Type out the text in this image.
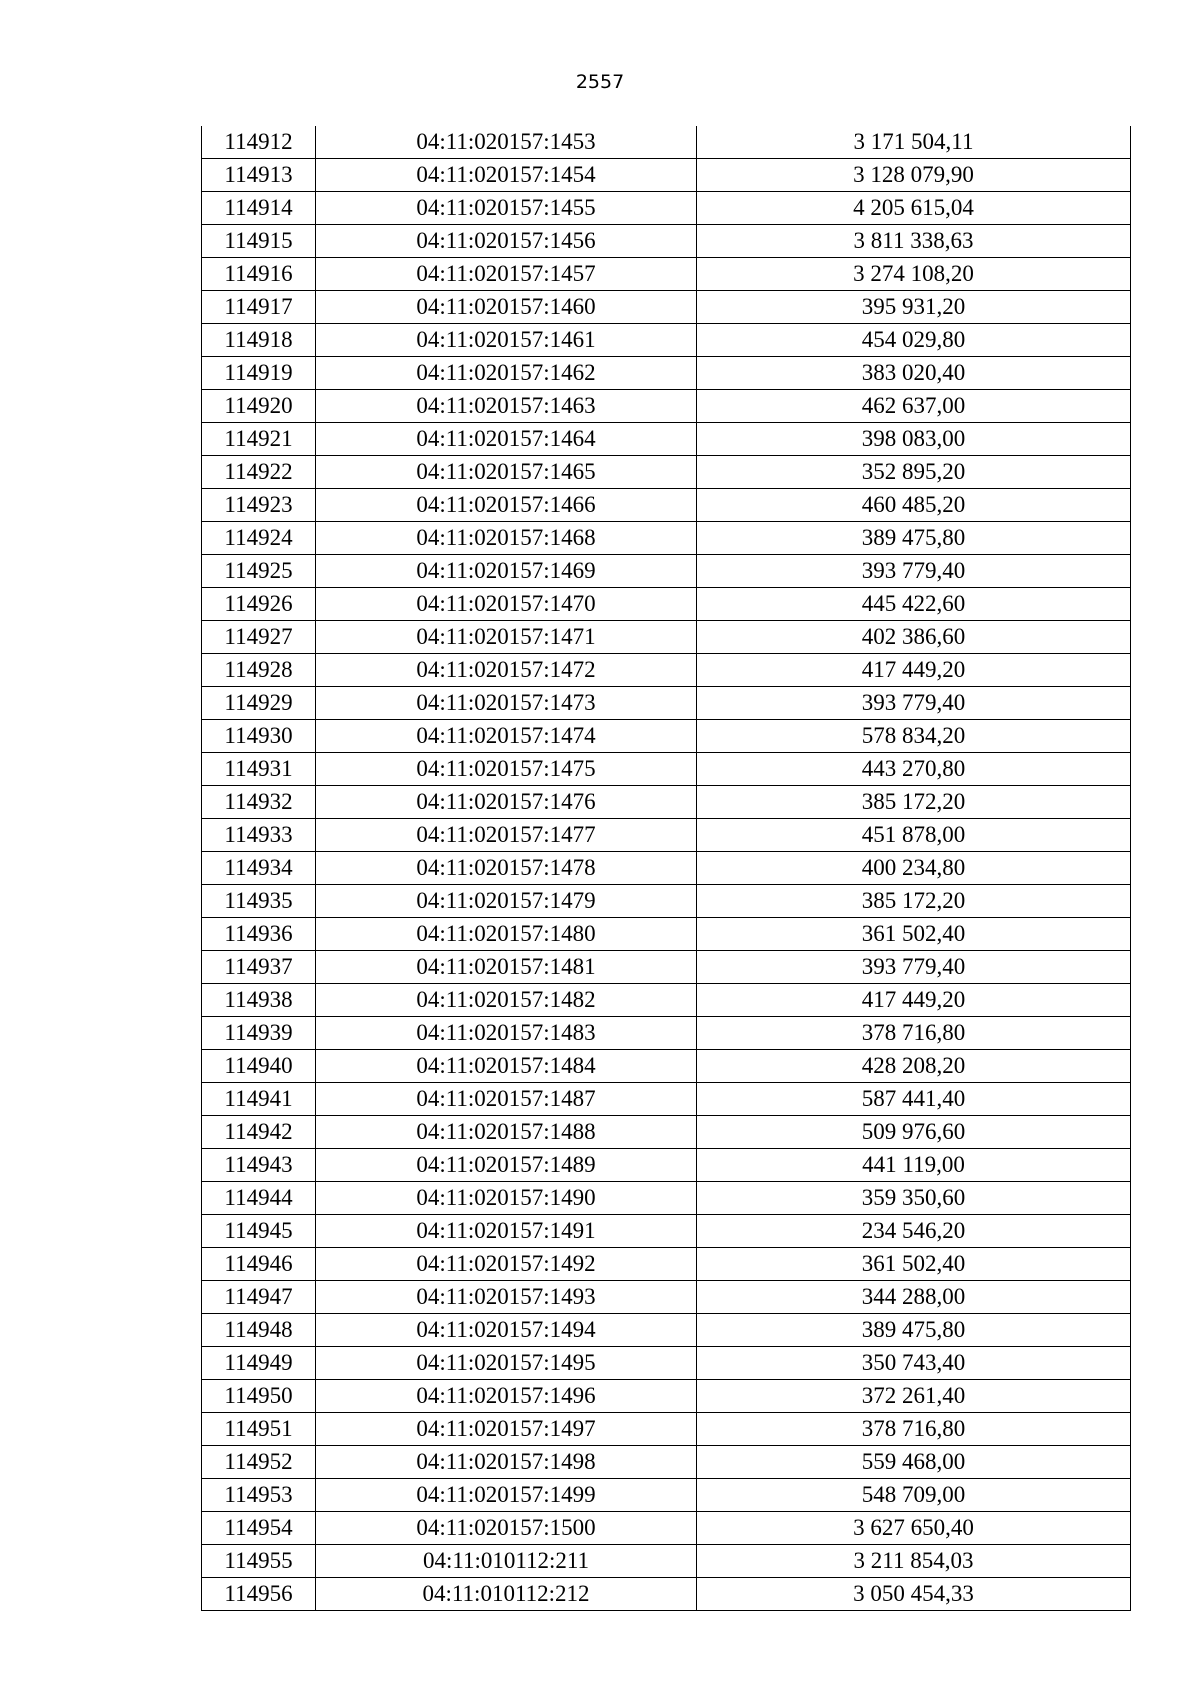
2557
114912	04:11:020157:1453	3 171 504,11
114913	04:11:020157:1454	3 128 079,90
114914	04:11:020157:1455	4 205 615,04
114915	04:11:020157:1456	3 811 338,63
114916	04:11:020157:1457	3 274 108,20
114917	04:11:020157:1460	395 931,20
114918	04:11:020157:1461	454 029,80
114919	04:11:020157:1462	383 020,40
114920	04:11:020157:1463	462 637,00
114921	04:11:020157:1464	398 083,00
114922	04:11:020157:1465	352 895,20
114923	04:11:020157:1466	460 485,20
114924	04:11:020157:1468	389 475,80
114925	04:11:020157:1469	393 779,40
114926	04:11:020157:1470	445 422,60
114927	04:11:020157:1471	402 386,60
114928	04:11:020157:1472	417 449,20
114929	04:11:020157:1473	393 779,40
114930	04:11:020157:1474	578 834,20
114931	04:11:020157:1475	443 270,80
114932	04:11:020157:1476	385 172,20
114933	04:11:020157:1477	451 878,00
114934	04:11:020157:1478	400 234,80
114935	04:11:020157:1479	385 172,20
114936	04:11:020157:1480	361 502,40
114937	04:11:020157:1481	393 779,40
114938	04:11:020157:1482	417 449,20
114939	04:11:020157:1483	378 716,80
114940	04:11:020157:1484	428 208,20
114941	04:11:020157:1487	587 441,40
114942	04:11:020157:1488	509 976,60
114943	04:11:020157:1489	441 119,00
114944	04:11:020157:1490	359 350,60
114945	04:11:020157:1491	234 546,20
114946	04:11:020157:1492	361 502,40
114947	04:11:020157:1493	344 288,00
114948	04:11:020157:1494	389 475,80
114949	04:11:020157:1495	350 743,40
114950	04:11:020157:1496	372 261,40
114951	04:11:020157:1497	378 716,80
114952	04:11:020157:1498	559 468,00
114953	04:11:020157:1499	548 709,00
114954	04:11:020157:1500	3 627 650,40
114955	04:11:010112:211	3 211 854,03
114956	04:11:010112:212	3 050 454,33
